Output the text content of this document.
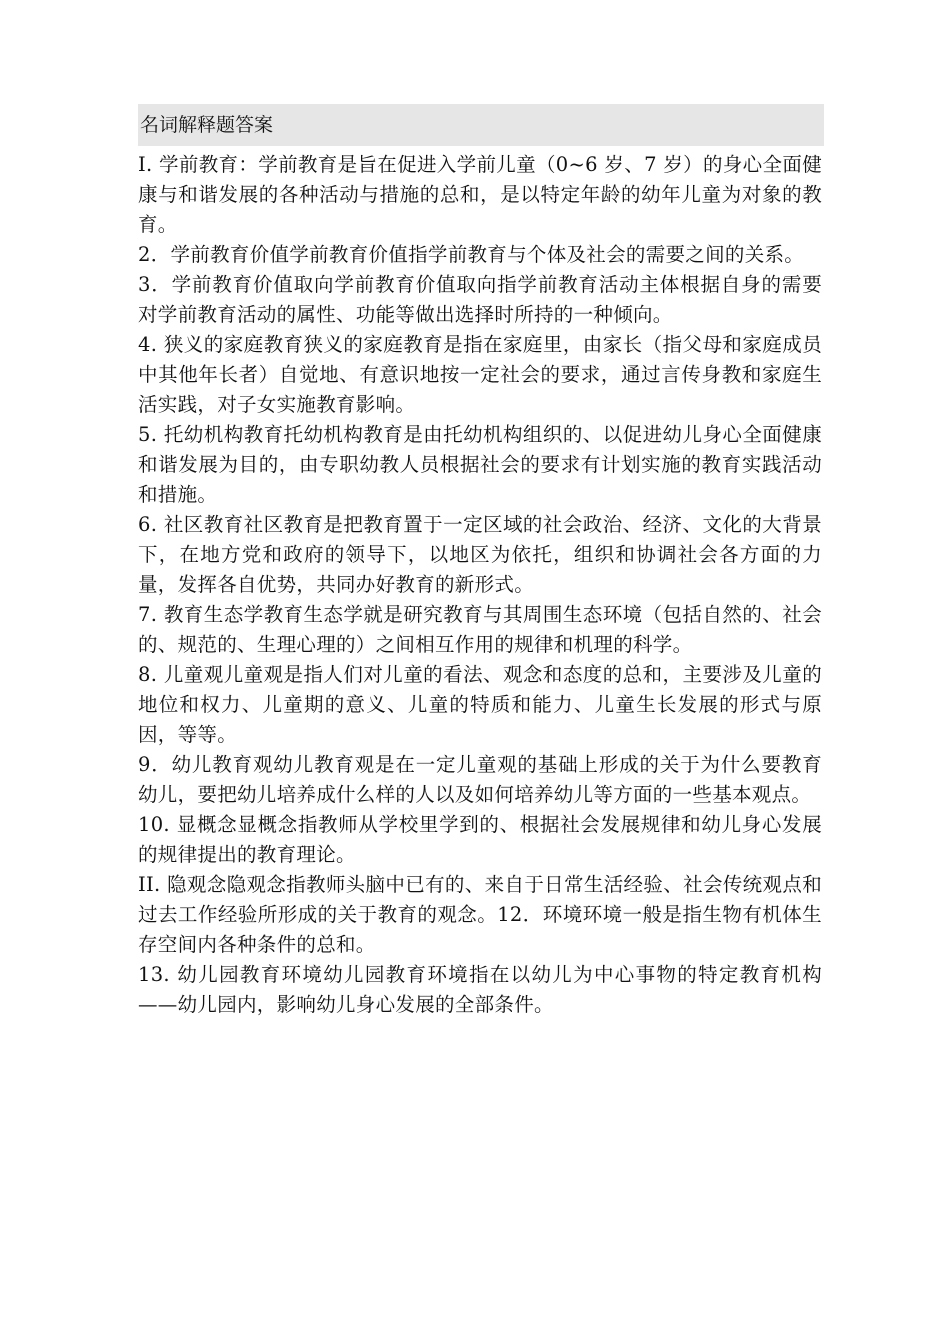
名词解释题答案

I. 学前教育：学前教育是旨在促进入学前儿童（0~6 岁、7 岁）的身心全面健康与和谐发展的各种活动与措施的总和，是以特定年龄的幼年儿童为对象的教育。

2．学前教育价值学前教育价值指学前教育与个体及社会的需要之间的关系。

3．学前教育价值取向学前教育价值取向指学前教育活动主体根据自身的需要对学前教育活动的属性、功能等做出选择时所持的一种倾向。

4. 狭义的家庭教育狭义的家庭教育是指在家庭里，由家长（指父母和家庭成员中其他年长者）自觉地、有意识地按一定社会的要求，通过言传身教和家庭生活实践，对子女实施教育影响。

5. 托幼机构教育托幼机构教育是由托幼机构组织的、以促进幼儿身心全面健康和谐发展为目的，由专职幼教人员根据社会的要求有计划实施的教育实践活动和措施。

6. 社区教育社区教育是把教育置于一定区域的社会政治、经济、文化的大背景下，在地方党和政府的领导下，以地区为依托，组织和协调社会各方面的力量，发挥各自优势，共同办好教育的新形式。

7. 教育生态学教育生态学就是研究教育与其周围生态环境（包括自然的、社会的、规范的、生理心理的）之间相互作用的规律和机理的科学。

8. 儿童观儿童观是指人们对儿童的看法、观念和态度的总和，主要涉及儿童的地位和权力、儿童期的意义、儿童的特质和能力、儿童生长发展的形式与原因，等等。

9．幼儿教育观幼儿教育观是在一定儿童观的基础上形成的关于为什么要教育幼儿，要把幼儿培养成什么样的人以及如何培养幼儿等方面的一些基本观点。

10. 显概念显概念指教师从学校里学到的、根据社会发展规律和幼儿身心发展的规律提出的教育理论。

II. 隐观念隐观念指教师头脑中已有的、来自于日常生活经验、社会传统观点和过去工作经验所形成的关于教育的观念。12．环境环境一般是指生物有机体生存空间内各种条件的总和。

13. 幼儿园教育环境幼儿园教育环境指在以幼儿为中心事物的特定教育机构——幼儿园内，影响幼儿身心发展的全部条件。
